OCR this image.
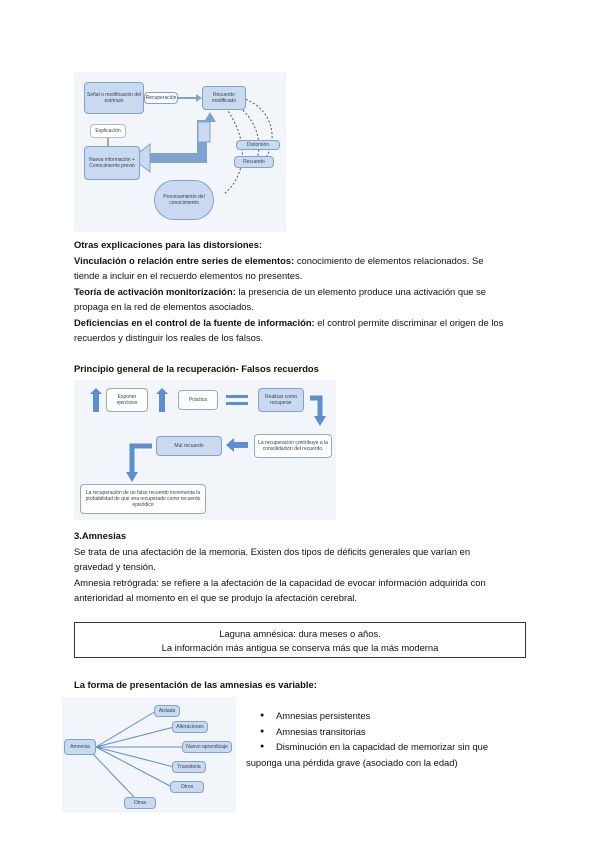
Señal o modificación del estímulo	Recuperación	Recuerdo modificado
Explicación
Nueva información + Conocimiento previo
Distorsión
Recuerdo
Procesamiento del conocimiento
Otras explicaciones para las distorsiones:
Vinculación o relación entre series de elementos: conocimiento de elementos relacionados. Se
tiende a incluir en el recuerdo elementos no presentes.
Teoría de activación monitorización: la presencia de un elemento produce una activación que se
propaga en la red de elementos asociados.
Deficiencias en el control de la fuente de información: el control permite discriminar el origen de los
recuerdos y distinguir los reales de los falsos.
Principio general de la recuperación- Falsos recuerdos
Exponer ejercicios	Práctica	Realizar como recuperar
La recuperación contribuye a la consolidación del recuerdo.
Mal recuerdo
La recuperación de un falso recuerdo incrementa la probabilidad de que sea recuperado como recuerdo episódico
3.Amnesias
Se trata de una afectación de la memoria. Existen dos tipos de déficits generales que varían en
gravedad y tensión.
Amnesia retrógrada: se refiere a la afectación de la capacidad de evocar información adquirida con
anterioridad al momento en el que se produjo la afectación cerebral.
Laguna amnésica: dura meses o años.
La información más antigua se conserva más que la más moderna
La forma de presentación de las amnesias es variable:
Amnesia
Aislada
Alteraciones
Nuevo aprendizaje
Transitoria
Otros
Otras
● Amnesias persistentes
● Amnesias transitorias
● Disminución en la capacidad de memorizar sin que
suponga una pérdida grave (asociado con la edad)
